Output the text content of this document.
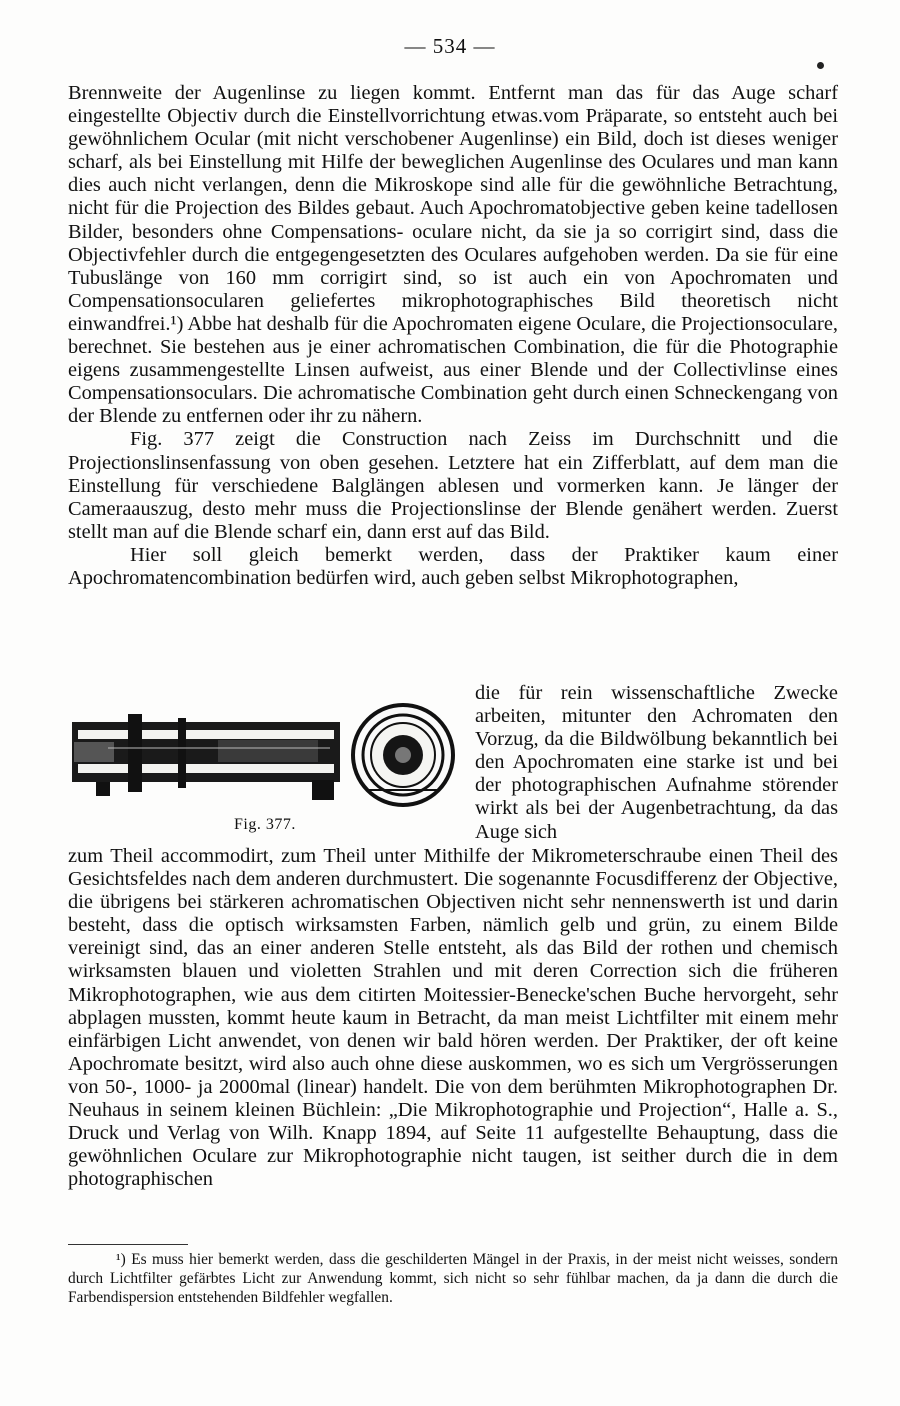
— 534 —

Brennweite der Augenlinse zu liegen kommt. Entfernt man das für das Auge scharf eingestellte Objectiv durch die Einstellvorrichtung etwas.vom Präparate, so entsteht auch bei gewöhnlichem Ocular (mit nicht verschobener Augenlinse) ein Bild, doch ist dieses weniger scharf, als bei Einstellung mit Hilfe der beweglichen Augenlinse des Oculares und man kann dies auch nicht verlangen, denn die Mikroskope sind alle für die gewöhnliche Betrachtung, nicht für die Projection des Bildes gebaut. Auch Apochromatobjective geben keine tadellosen Bilder, besonders ohne Compensations- oculare nicht, da sie ja so corrigirt sind, dass die Objectivfehler durch die entgegengesetzten des Oculares aufgehoben werden. Da sie für eine Tubuslänge von 160 mm corrigirt sind, so ist auch ein von Apochromaten und Compensationsocularen geliefertes mikrophotographisches Bild theoretisch nicht einwandfrei.¹) Abbe hat deshalb für die Apochromaten eigene Oculare, die Projectionsoculare, berechnet. Sie bestehen aus je einer achromatischen Combination, die für die Photographie eigens zusammengestellte Linsen aufweist, aus einer Blende und der Collectivlinse eines Compensationsoculars. Die achromatische Combination geht durch einen Schneckengang von der Blende zu entfernen oder ihr zu nähern.

Fig. 377 zeigt die Construction nach Zeiss im Durchschnitt und die Projectionslinsenfassung von oben gesehen. Letztere hat ein Zifferblatt, auf dem man die Einstellung für verschiedene Balglängen ablesen und vormerken kann. Je länger der Cameraauszug, desto mehr muss die Projectionslinse der Blende genähert werden. Zuerst stellt man auf die Blende scharf ein, dann erst auf das Bild.

Hier soll gleich bemerkt werden, dass der Praktiker kaum einer Apochromatencombination bedürfen wird, auch geben selbst Mikrophotographen,

Fig. 377.
die für rein wissenschaftliche Zwecke arbeiten, mitunter den Achromaten den Vorzug, da die Bildwölbung bekanntlich bei den Apochromaten eine starke ist und bei der photographischen Aufnahme störender wirkt als bei der Augenbetrachtung, da das Auge sich
zum Theil accommodirt, zum Theil unter Mithilfe der Mikrometerschraube einen Theil des Gesichtsfeldes nach dem anderen durchmustert. Die sogenannte Focusdifferenz der Objective, die übrigens bei stärkeren achromatischen Objectiven nicht sehr nennenswerth ist und darin besteht, dass die optisch wirksamsten Farben, nämlich gelb und grün, zu einem Bilde vereinigt sind, das an einer anderen Stelle entsteht, als das Bild der rothen und chemisch wirksamsten blauen und violetten Strahlen und mit deren Correction sich die früheren Mikrophotographen, wie aus dem citirten Moitessier-Benecke'schen Buche hervorgeht, sehr abplagen mussten, kommt heute kaum in Betracht, da man meist Lichtfilter mit einem mehr einfärbigen Licht anwendet, von denen wir bald hören werden. Der Praktiker, der oft keine Apochromate besitzt, wird also auch ohne diese auskommen, wo es sich um Vergrösserungen von 50-, 1000- ja 2000mal (linear) handelt. Die von dem berühmten Mikrophotographen Dr. Neuhaus in seinem kleinen Büchlein: „Die Mikrophotographie und Projection“, Halle a. S., Druck und Verlag von Wilh. Knapp 1894, auf Seite 11 aufgestellte Behauptung, dass die gewöhnlichen Oculare zur Mikrophotographie nicht taugen, ist seither durch die in dem photographischen

¹) Es muss hier bemerkt werden, dass die geschilderten Mängel in der Praxis, in der meist nicht weisses, sondern durch Lichtfilter gefärbtes Licht zur Anwendung kommt, sich nicht so sehr fühlbar machen, da ja dann die durch die Farbendispersion entstehenden Bildfehler wegfallen.
